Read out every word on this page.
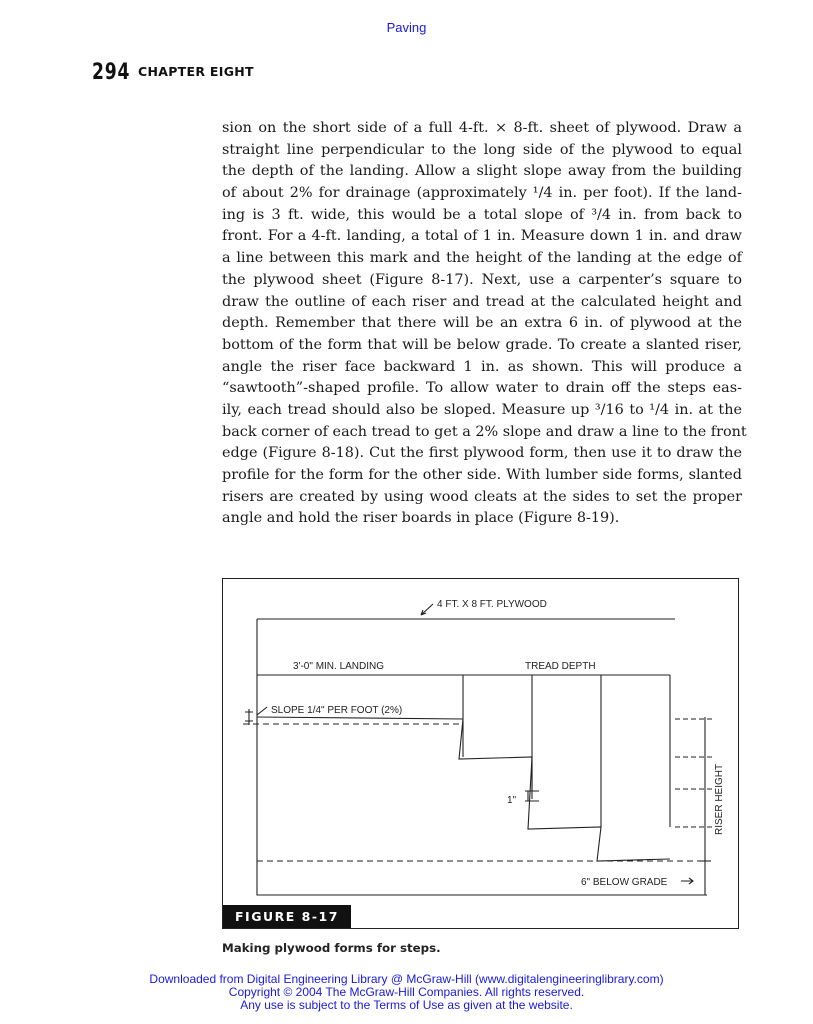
Paving
294 CHAPTER EIGHT
sion on the short side of a full 4-ft. × 8-ft. sheet of plywood. Draw a
straight line perpendicular to the long side of the plywood to equal
the depth of the landing. Allow a slight slope away from the building
of about 2% for drainage (approximately ¹/4 in. per foot). If the land-
ing is 3 ft. wide, this would be a total slope of ³/4 in. from back to
front. For a 4-ft. landing, a total of 1 in. Measure down 1 in. and draw
a line between this mark and the height of the landing at the edge of
the plywood sheet (Figure 8-17). Next, use a carpenter’s square to
draw the outline of each riser and tread at the calculated height and
depth. Remember that there will be an extra 6 in. of plywood at the
bottom of the form that will be below grade. To create a slanted riser,
angle the riser face backward 1 in. as shown. This will produce a
“sawtooth”-shaped profile. To allow water to drain off the steps eas-
ily, each tread should also be sloped. Measure up ³/16 to ¹/4 in. at the
back corner of each tread to get a 2% slope and draw a line to the front
edge (Figure 8-18). Cut the first plywood form, then use it to draw the
profile for the form for the other side. With lumber side forms, slanted
risers are created by using wood cleats at the sides to set the proper
angle and hold the riser boards in place (Figure 8-19).
4 FT. X 8 FT. PLYWOOD
3'-0" MIN. LANDING	TREAD DEPTH
SLOPE 1/4" PER FOOT (2%)
1"	RISER HEIGHT
6" BELOW GRADE
FIGURE 8-17
Making plywood forms for steps.
Downloaded from Digital Engineering Library @ McGraw-Hill (www.digitalengineeringlibrary.com)
Copyright © 2004 The McGraw-Hill Companies. All rights reserved.
Any use is subject to the Terms of Use as given at the website.
